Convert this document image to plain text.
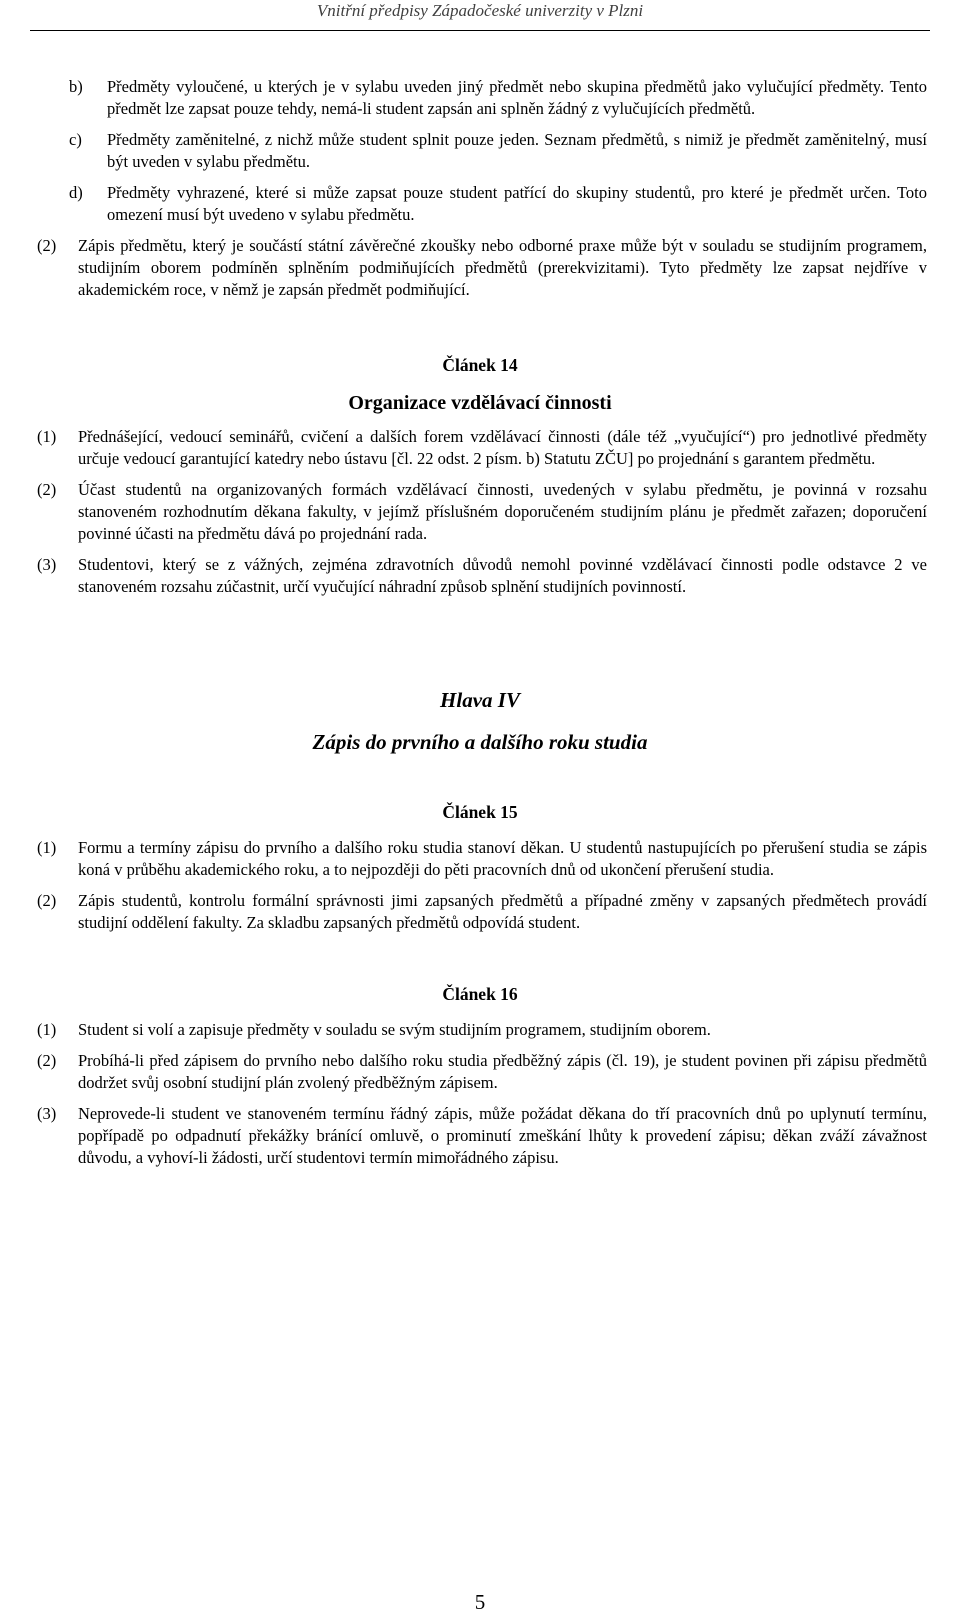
Vnitřní předpisy Západočeské univerzity v Plzni
b) Předměty vyloučené, u kterých je v sylabu uveden jiný předmět nebo skupina předmětů jako vylučující předměty. Tento předmět lze zapsat pouze tehdy, nemá-li student zapsán ani splněn žádný z vylučujících předmětů.
c) Předměty zaměnitelné, z nichž může student splnit pouze jeden. Seznam předmětů, s nimiž je předmět zaměnitelný, musí být uveden v sylabu předmětu.
d) Předměty vyhrazené, které si může zapsat pouze student patřící do skupiny studentů, pro které je předmět určen. Toto omezení musí být uvedeno v sylabu předmětu.
(2) Zápis předmětu, který je součástí státní závěrečné zkoušky nebo odborné praxe může být v souladu se studijním programem, studijním oborem podmíněn splněním podmiňujících předmětů (prerekvizitami). Tyto předměty lze zapsat nejdříve v akademickém roce, v němž je zapsán předmět podmiňující.
Článek 14
Organizace vzdělávací činnosti
(1) Přednášející, vedoucí seminářů, cvičení a dalších forem vzdělávací činnosti (dále též „vyučující“) pro jednotlivé předměty určuje vedoucí garantující katedry nebo ústavu [čl. 22 odst. 2 písm. b) Statutu ZČU] po projednání s garantem předmětu.
(2) Účast studentů na organizovaných formách vzdělávací činnosti, uvedených v sylabu předmětu, je povinná v rozsahu stanoveném rozhodnutím děkana fakulty, v jejímž příslušném doporučeném studijním plánu je předmět zařazen; doporučení povinné účasti na předmětu dává po projednání rada.
(3) Studentovi, který se z vážných, zejména zdravotních důvodů nemohl povinné vzdělávací činnosti podle odstavce 2 ve stanoveném rozsahu zúčastnit, určí vyučující náhradní způsob splnění studijních povinností.
Hlava IV
Zápis do prvního a dalšího roku studia
Článek 15
(1) Formu a termíny zápisu do prvního a dalšího roku studia stanoví děkan. U studentů nastupujících po přerušení studia se zápis koná v průběhu akademického roku, a to nejpozději do pěti pracovních dnů od ukončení přerušení studia.
(2) Zápis studentů, kontrolu formální správnosti jimi zapsaných předmětů a případné změny v zapsaných předmětech provádí studijní oddělení fakulty. Za skladbu zapsaných předmětů odpovídá student.
Článek 16
(1) Student si volí a zapisuje předměty v souladu se svým studijním programem, studijním oborem.
(2) Probíhá-li před zápisem do prvního nebo dalšího roku studia předběžný zápis (čl. 19), je student povinen při zápisu předmětů dodržet svůj osobní studijní plán zvolený předběžným zápisem.
(3) Neprovede-li student ve stanoveném termínu řádný zápis, může požádat děkana do tří pracovních dnů po uplynutí termínu, popřípadě po odpadnutí překážky bránící omluvě, o prominutí zmeškání lhůty k provedení zápisu; děkan zváží závažnost důvodu, a vyhoví-li žádosti, určí studentovi termín mimořádného zápisu.
5
